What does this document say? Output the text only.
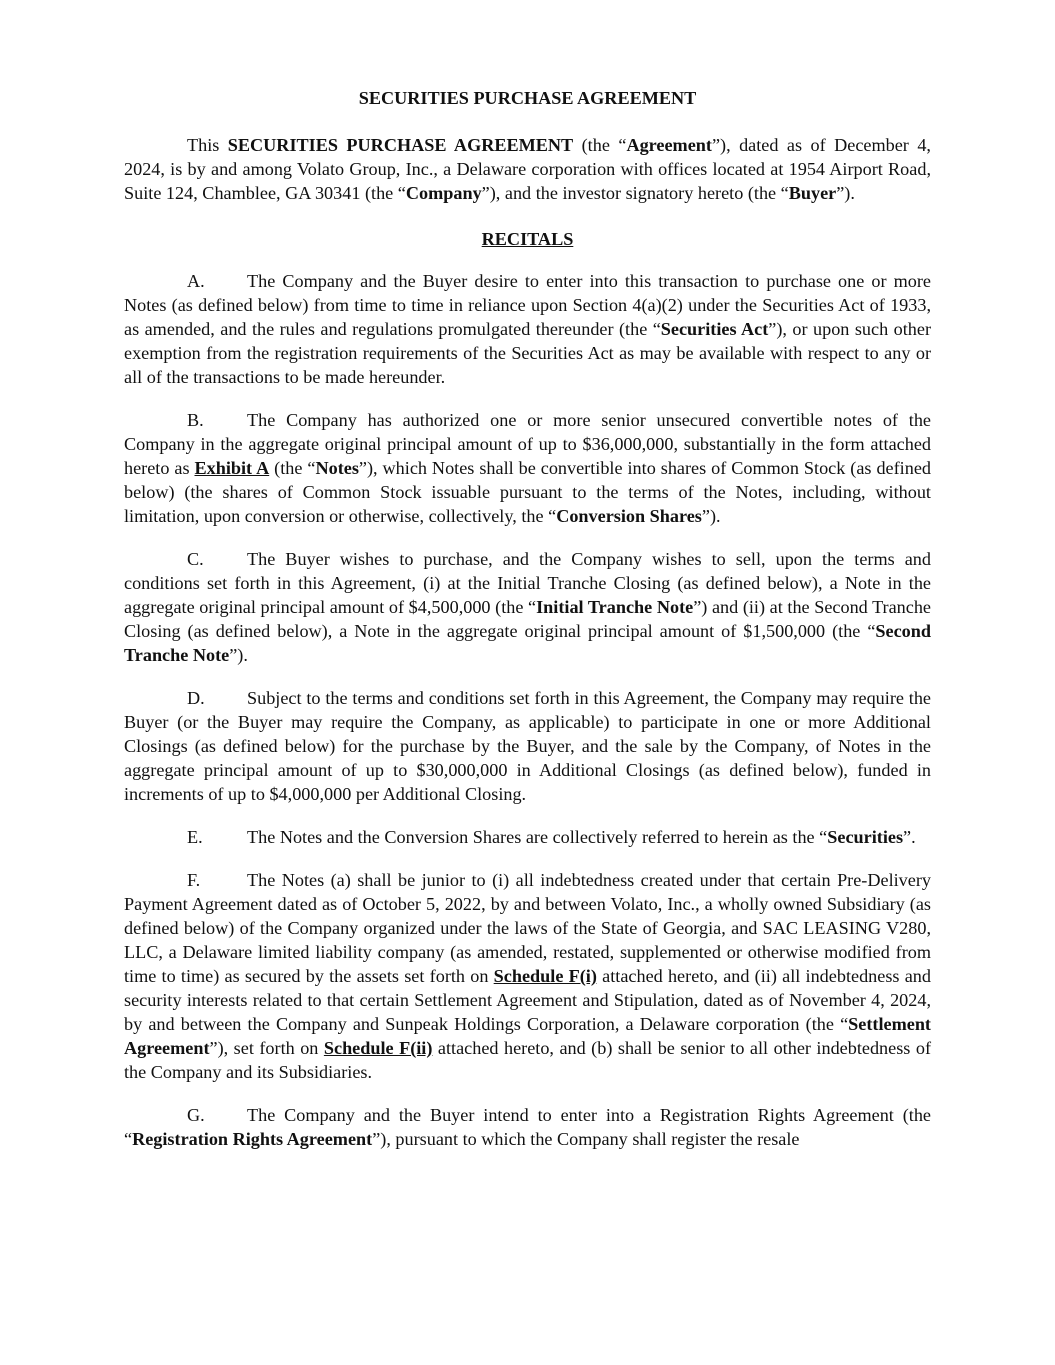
SECURITIES PURCHASE AGREEMENT

This SECURITIES PURCHASE AGREEMENT (the “Agreement”), dated as of December 4, 2024, is by and among Volato Group, Inc., a Delaware corporation with offices located at 1954 Airport Road, Suite 124, Chamblee, GA 30341 (the “Company”), and the investor signatory hereto (the “Buyer”).

RECITALS

A. The Company and the Buyer desire to enter into this transaction to purchase one or more Notes (as defined below) from time to time in reliance upon Section 4(a)(2) under the Securities Act of 1933, as amended, and the rules and regulations promulgated thereunder (the “Securities Act”), or upon such other exemption from the registration requirements of the Securities Act as may be available with respect to any or all of the transactions to be made hereunder.

B. The Company has authorized one or more senior unsecured convertible notes of the Company in the aggregate original principal amount of up to $36,000,000, substantially in the form attached hereto as Exhibit A (the “Notes”), which Notes shall be convertible into shares of Common Stock (as defined below) (the shares of Common Stock issuable pursuant to the terms of the Notes, including, without limitation, upon conversion or otherwise, collectively, the “Conversion Shares”).

C. The Buyer wishes to purchase, and the Company wishes to sell, upon the terms and conditions set forth in this Agreement, (i) at the Initial Tranche Closing (as defined below), a Note in the aggregate original principal amount of $4,500,000 (the “Initial Tranche Note”) and (ii) at the Second Tranche Closing (as defined below), a Note in the aggregate original principal amount of $1,500,000 (the “Second Tranche Note”).

D. Subject to the terms and conditions set forth in this Agreement, the Company may require the Buyer (or the Buyer may require the Company, as applicable) to participate in one or more Additional Closings (as defined below) for the purchase by the Buyer, and the sale by the Company, of Notes in the aggregate principal amount of up to $30,000,000 in Additional Closings (as defined below), funded in increments of up to $4,000,000 per Additional Closing.

E. The Notes and the Conversion Shares are collectively referred to herein as the “Securities”.

F.	The Notes (a) shall be junior to (i) all indebtedness created under that certain Pre-Delivery Payment Agreement dated as of October 5, 2022, by and between Volato, Inc., a wholly owned Subsidiary (as defined below) of the Company organized under the laws of the State of Georgia, and SAC LEASING V280, LLC, a Delaware limited liability company (as amended, restated, supplemented or otherwise modified from time to time) as secured by the assets set forth on Schedule F(i) attached hereto, and (ii) all indebtedness and security interests related to that certain Settlement Agreement and Stipulation, dated as of November 4, 2024, by and between the Company and Sunpeak Holdings Corporation, a Delaware corporation (the “Settlement Agreement”), set forth on Schedule F(ii) attached hereto, and (b) shall be senior to all other indebtedness of the Company and its Subsidiaries.

G. The Company and the Buyer intend to enter into a Registration Rights Agreement (the “Registration Rights Agreement”), pursuant to which the Company shall register the resale
